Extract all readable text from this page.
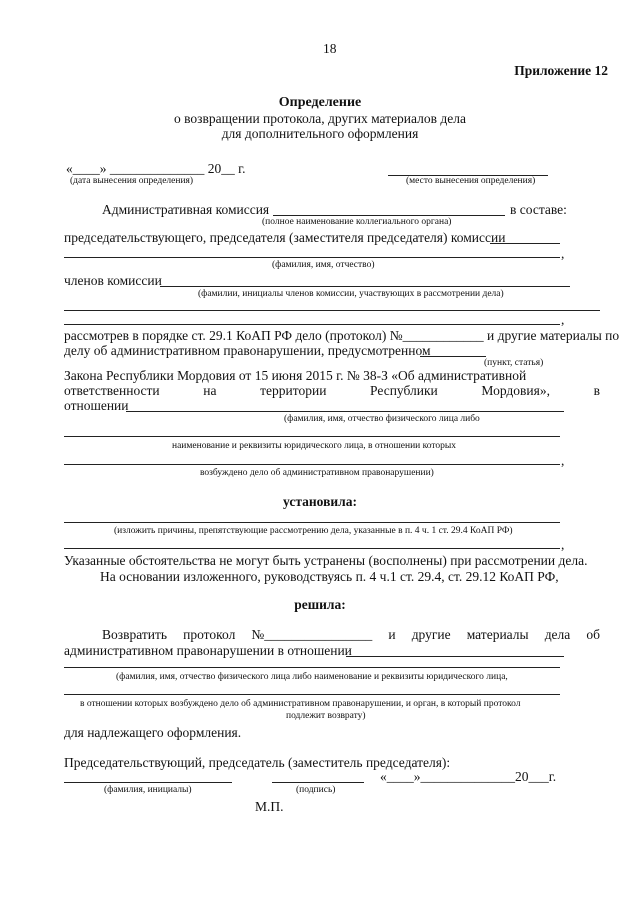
18
Приложение 12
Определение
о возвращении протокола, других материалов дела
для дополнительного оформления
«____» ______________ 20__ г.
(дата вынесения определения)	(место вынесения определения)
Административная комиссия	в составе:
(полное наименование коллегиального органа)
председательствующего, председателя (заместителя председателя) комиссии
,
(фамилия, имя, отчество)
членов комиссии
(фамилии, инициалы членов комиссии, участвующих в рассмотрении дела)
,
рассмотрев в порядке ст. 29.1 КоАП РФ дело (протокол) №____________ и другие материалы по
делу об административном правонарушении, предусмотренном
(пункт, статья)
Закона Республики Мордовия от 15 июня 2015 г. № 38-З «Об административной
ответственности	на	территории	Республики	Мордовия»,	в
отношении
(фамилия, имя, отчество физического лица либо
наименование и реквизиты юридического лица, в отношении которых
,
возбуждено дело об административном правонарушении)
установила:
(изложить причины, препятствующие рассмотрению дела, указанные в п. 4 ч. 1 ст. 29.4 КоАП РФ)
,
Указанные обстоятельства не могут быть устранены (восполнены) при рассмотрении дела.
На основании изложенного, руководствуясь п. 4 ч.1 ст. 29.4, ст. 29.12 КоАП РФ,
решила:
Возвратить протокол №________________ и другие материалы дела об
административном правонарушении в отношении
(фамилия, имя, отчество физического лица либо наименование и реквизиты юридического лица,
в отношении которых возбуждено дело об административном правонарушении, и орган, в который протокол
подлежит возврату)
для надлежащего оформления.
Председательствующий, председатель (заместитель председателя):
«____»______________20___г.
(фамилия, инициалы)	(подпись)
М.П.
